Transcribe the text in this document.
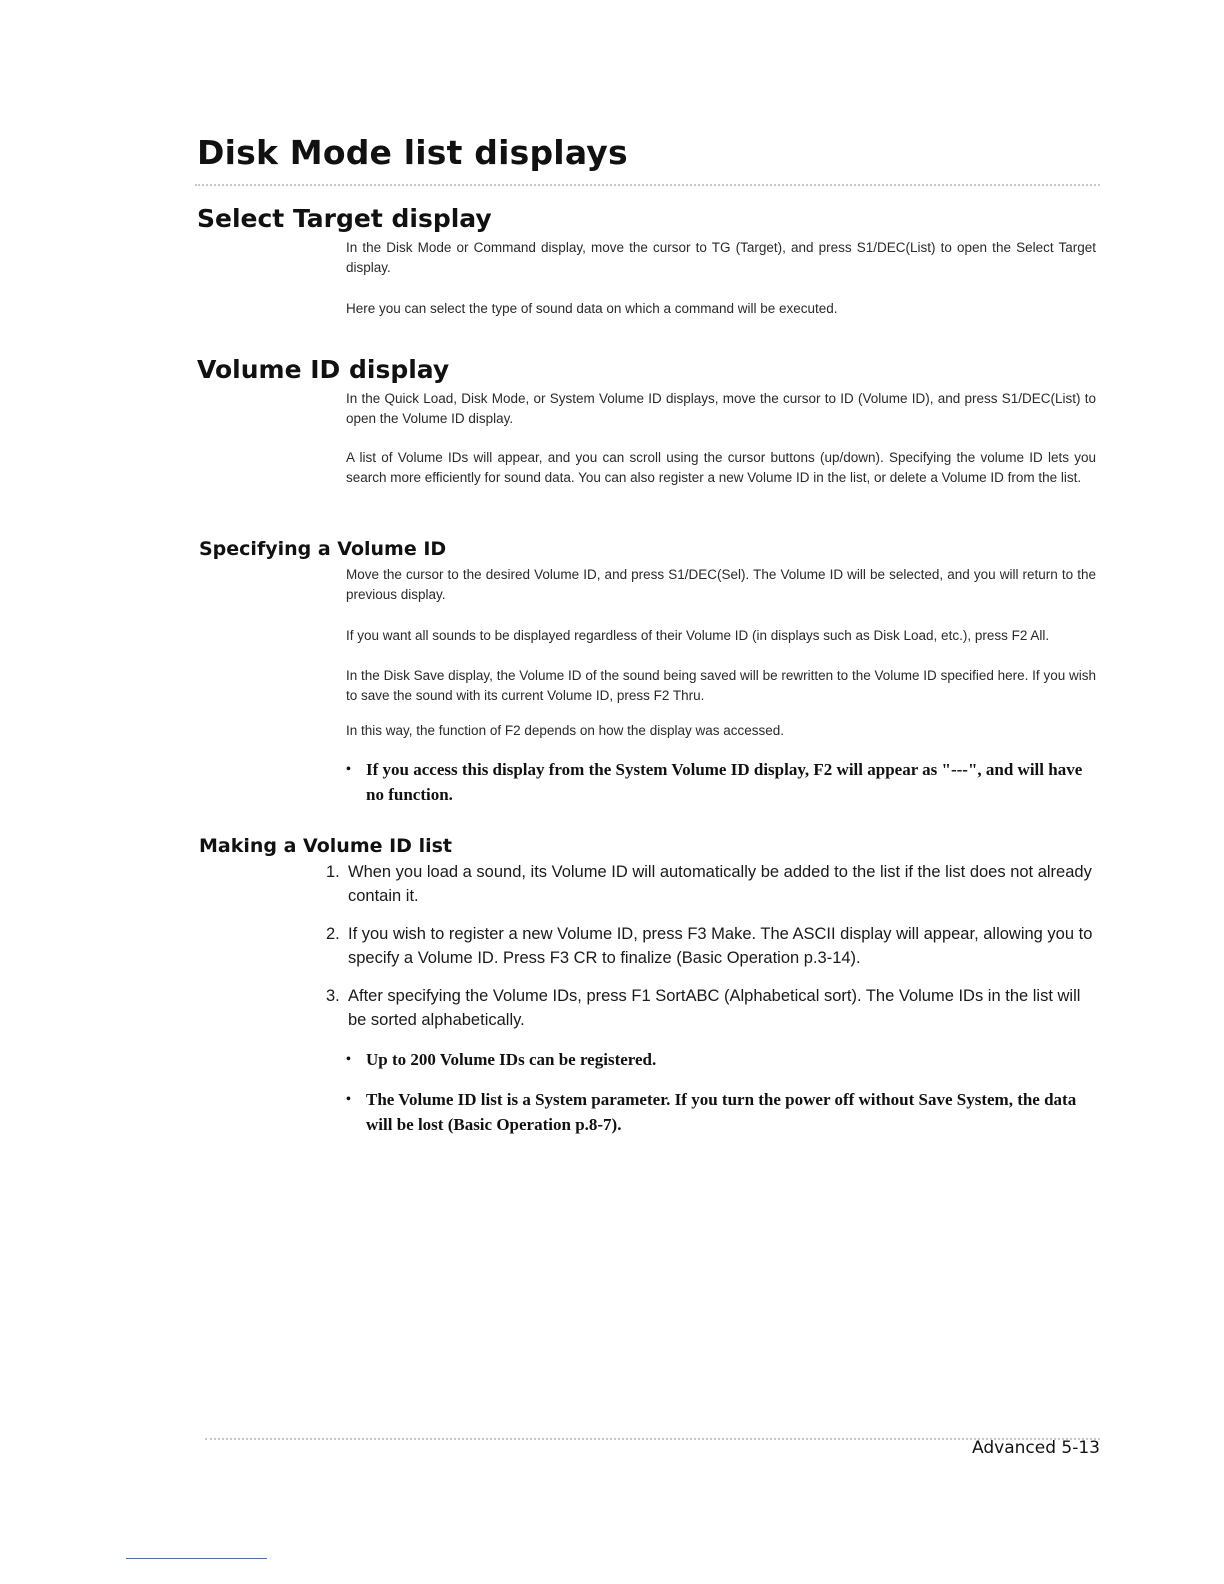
Disk Mode list displays
Select Target display

In the Disk Mode or Command display, move the cursor to TG (Target), and press S1/DEC(List) to open the Select Target display.

Here you can select the type of sound data on which a command will be executed.

Volume ID display

In the Quick Load, Disk Mode, or System Volume ID displays, move the cursor to ID (Volume ID), and press S1/DEC(List) to open the Volume ID display.

A list of Volume IDs will appear, and you can scroll using the cursor buttons (up/down). Specifying the volume ID lets you search more efficiently for sound data. You can also register a new Volume ID in the list, or delete a Volume ID from the list.

Specifying a Volume ID

Move the cursor to the desired Volume ID, and press S1/DEC(Sel). The Volume ID will be selected, and you will return to the previous display.

If you want all sounds to be displayed regardless of their Volume ID (in displays such as Disk Load, etc.), press F2 All.

In the Disk Save display, the Volume ID of the sound being saved will be rewritten to the Volume ID specified here. If you wish to save the sound with its current Volume ID, press F2 Thru.

In this way, the function of F2 depends on how the display was accessed.

• If you access this display from the System Volume ID display, F2 will appear as "---", and will have no function.
Making a Volume ID list
1. When you load a sound, its Volume ID will automatically be added to the list if the list does not already contain it.
2. If you wish to register a new Volume ID, press F3 Make. The ASCII display will appear, allowing you to specify a Volume ID. Press F3 CR to finalize (Basic Operation p.3-14).
3. After specifying the Volume IDs, press F1 SortABC (Alphabetical sort). The Volume IDs in the list will be sorted alphabetically.
• Up to 200 Volume IDs can be registered.
• The Volume ID list is a System parameter. If you turn the power off without Save System, the data will be lost (Basic Operation p.8-7).
Advanced 5-13
